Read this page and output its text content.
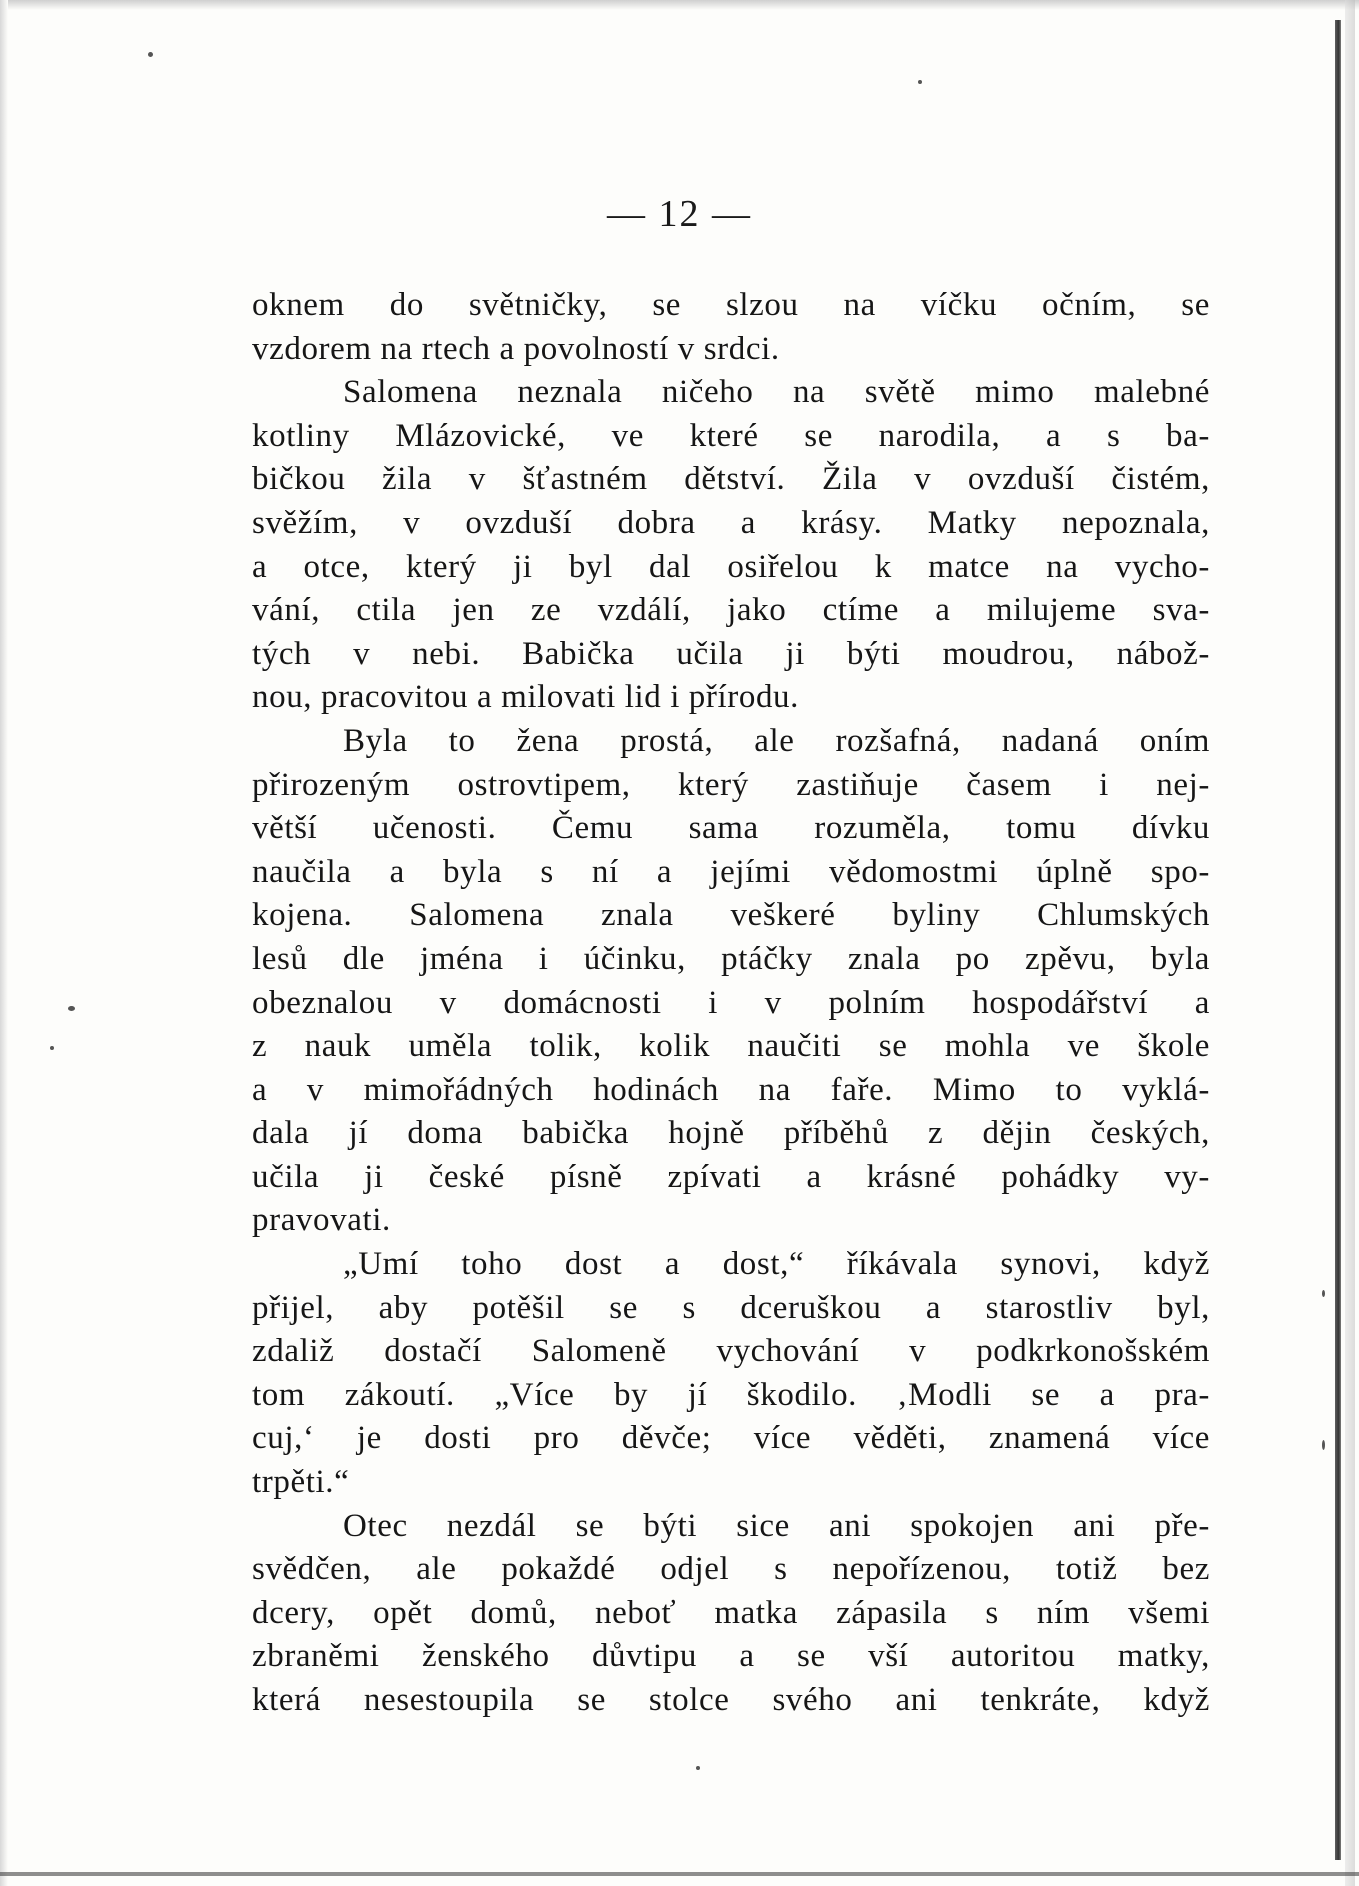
— 12 —
oknem do světničky, se slzou na víčku očním, se
vzdorem na rtech a povolností v srdci.
Salomena neznala ničeho na světě mimo malebné
kotliny Mlázovické, ve které se narodila, a s ba-
bičkou žila v šťastném dětství. Žila v ovzduší čistém,
svěžím, v ovzduší dobra a krásy. Matky nepoznala,
a otce, který ji byl dal osiřelou k matce na vycho-
vání, ctila jen ze vzdálí, jako ctíme a milujeme sva-
tých v nebi. Babička učila ji býti moudrou, nábož-
nou, pracovitou a milovati lid i přírodu.
Byla to žena prostá, ale rozšafná, nadaná oním
přirozeným ostrovtipem, který zastiňuje časem i nej-
větší učenosti. Čemu sama rozuměla, tomu dívku
naučila a byla s ní a jejími vědomostmi úplně spo-
kojena. Salomena znala veškeré byliny Chlumských
lesů dle jména i účinku, ptáčky znala po zpěvu, byla
obeznalou v domácnosti i v polním hospodářství a
z nauk uměla tolik, kolik naučiti se mohla ve škole
a v mimořádných hodinách na faře. Mimo to vyklá-
dala jí doma babička hojně příběhů z dějin českých,
učila ji české písně zpívati a krásné pohádky vy-
pravovati.
„Umí toho dost a dost,“ říkávala synovi, když
přijel, aby potěšil se s dceruškou a starostliv byl,
zdaliž dostačí Salomeně vychování v podkrkonošském
tom zákoutí. „Více by jí škodilo. ‚Modli se a pra-
cuj,‘ je dosti pro děvče; více věděti, znamená více
trpěti.“
Otec nezdál se býti sice ani spokojen ani pře-
svědčen, ale pokaždé odjel s nepořízenou, totiž bez
dcery, opět domů, neboť matka zápasila s ním všemi
zbraněmi ženského důvtipu a se vší autoritou matky,
která nesestoupila se stolce svého ani tenkráte, když
